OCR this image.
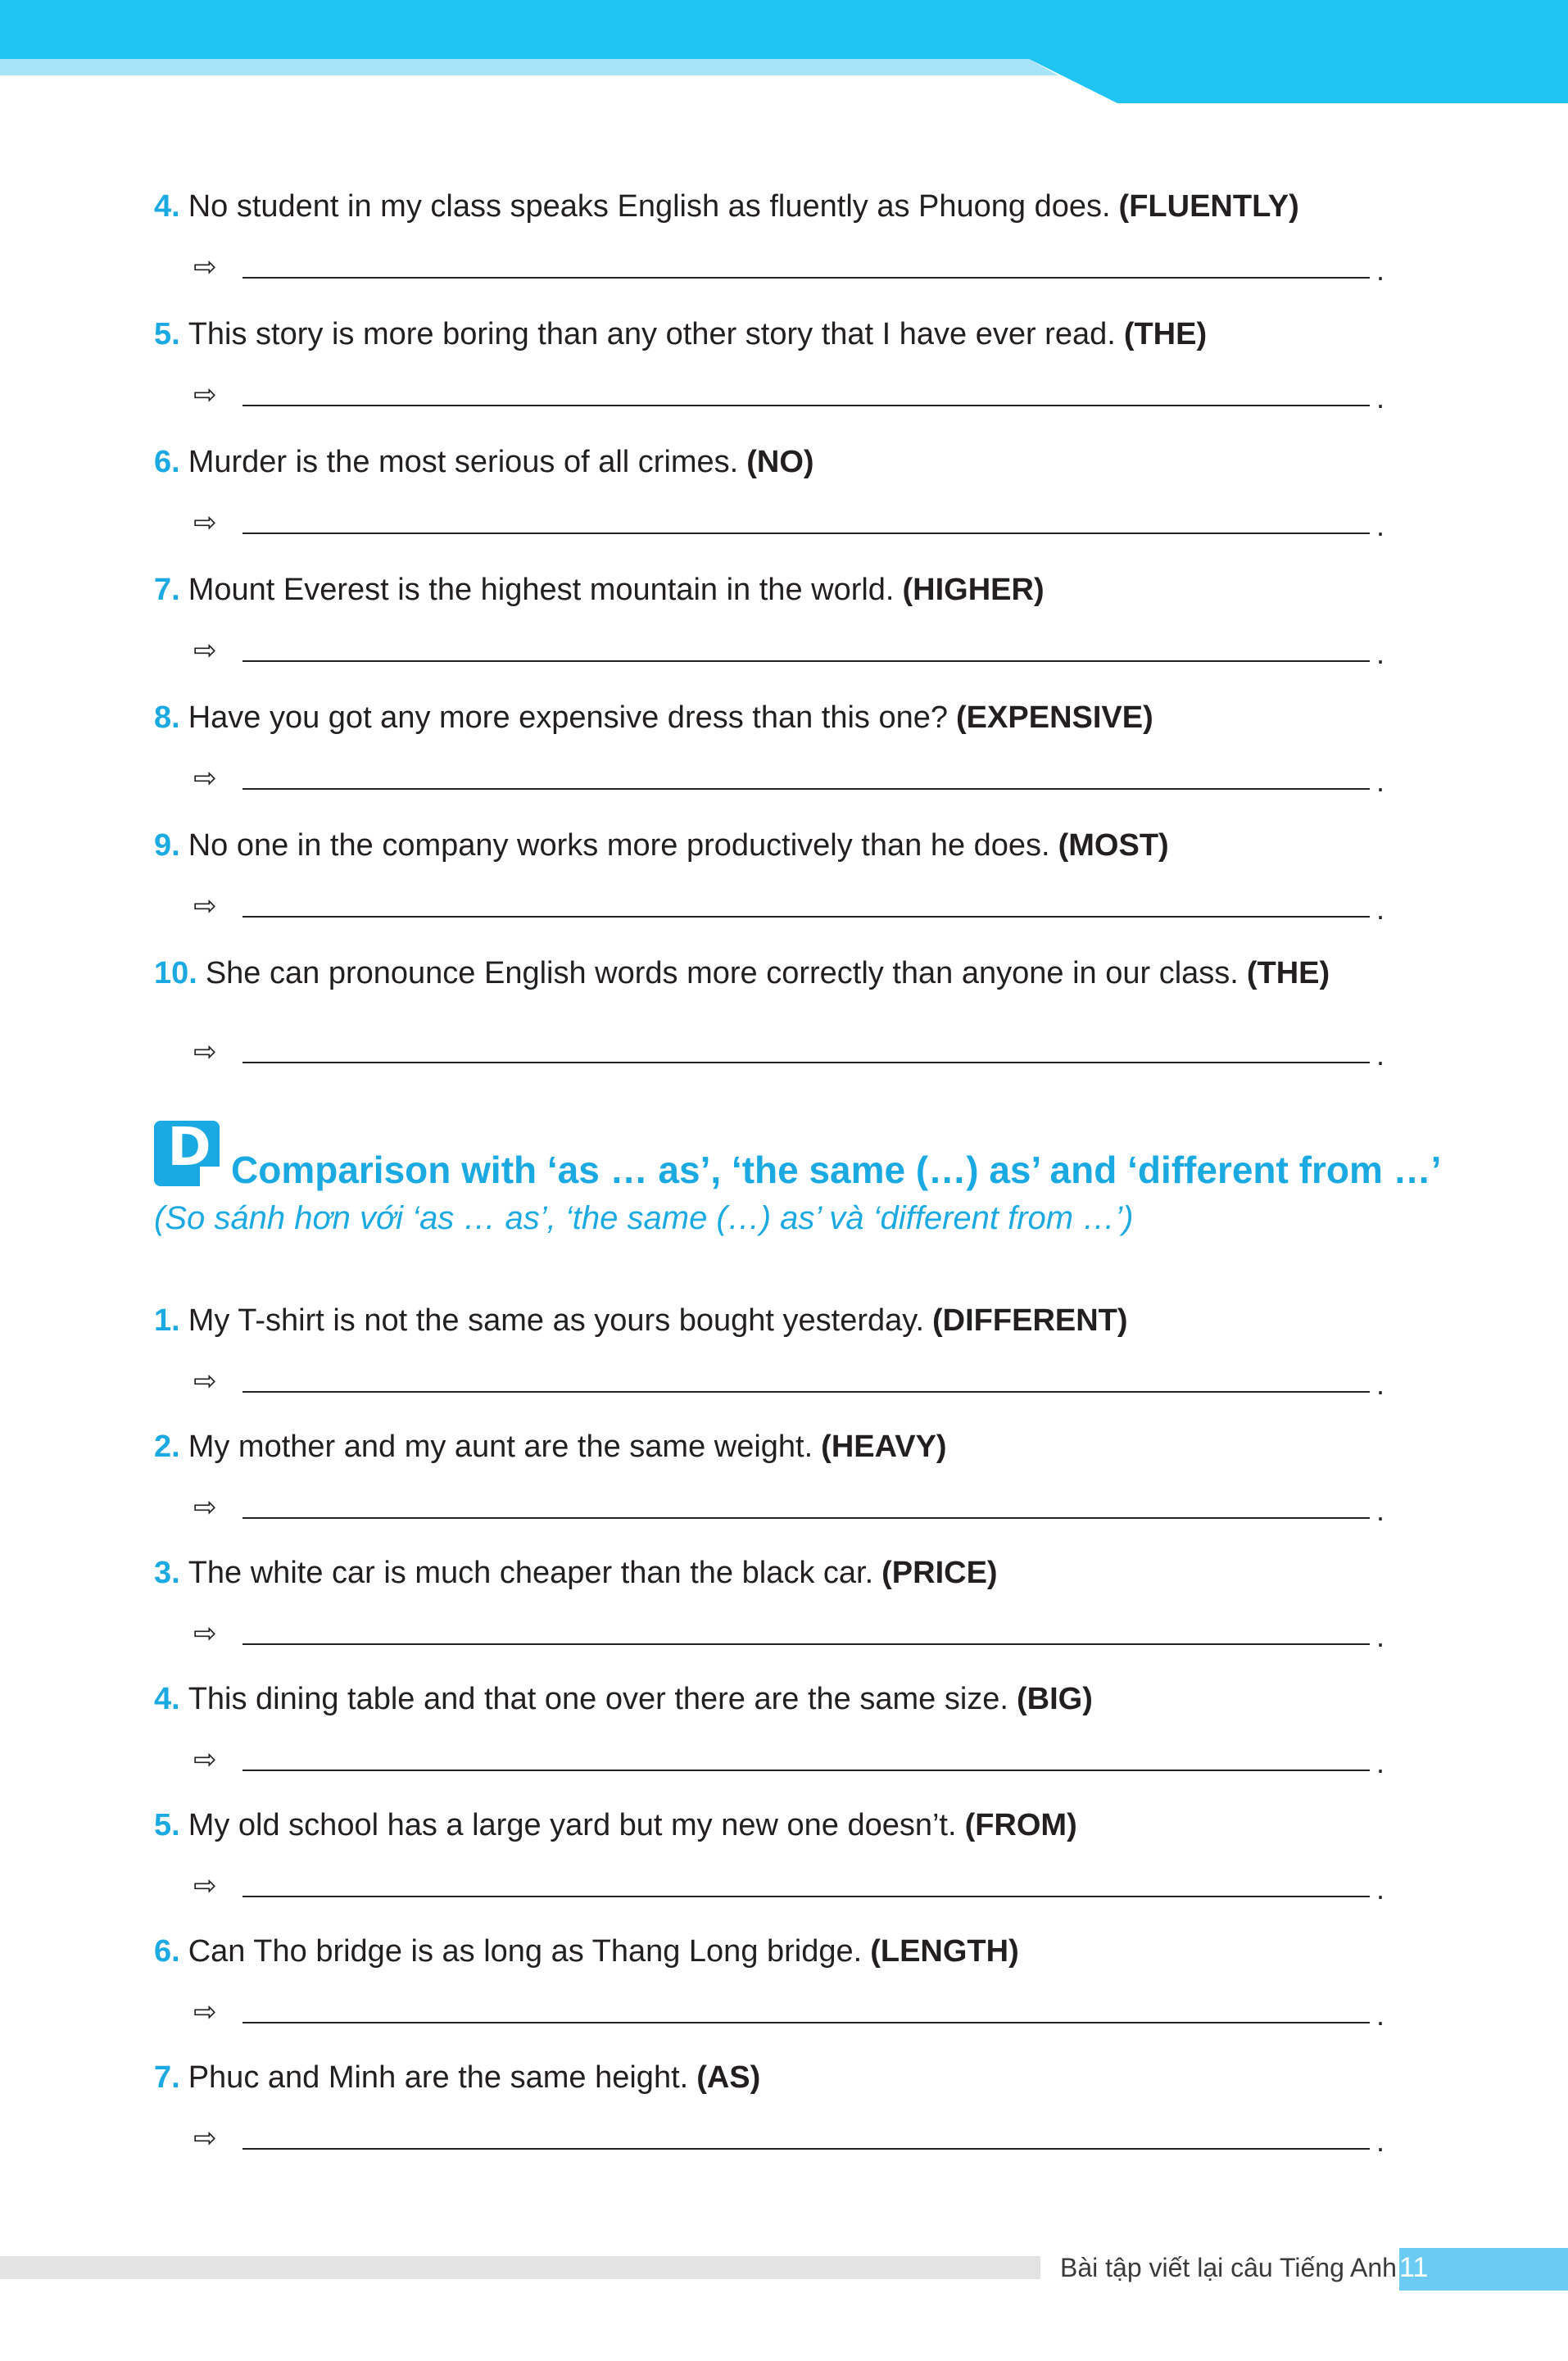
4. No student in my class speaks English as fluently as Phuong does. (FLUENTLY)
⇨	.
5. This story is more boring than any other story that I have ever read. (THE)
⇨	.
6. Murder is the most serious of all crimes. (NO)
⇨	.
7. Mount Everest is the highest mountain in the world. (HIGHER)
⇨	.
8. Have you got any more expensive dress than this one? (EXPENSIVE)
⇨	.
9. No one in the company works more productively than he does. (MOST)
⇨	.
10. She can pronounce English words more correctly than anyone in our class. (THE)
⇨	.
D Comparison with ‘as … as’, ‘the same (…) as’ and ‘different from …’
(So sánh hơn với ‘as … as’, ‘the same (…) as’ và ‘different from …’)
1. My T-shirt is not the same as yours bought yesterday. (DIFFERENT)
⇨	.
2. My mother and my aunt are the same weight. (HEAVY)
⇨	.
3. The white car is much cheaper than the black car. (PRICE)
⇨	.
4. This dining table and that one over there are the same size. (BIG)
⇨	.
5. My old school has a large yard but my new one doesn’t. (FROM)
⇨	.
6. Can Tho bridge is as long as Thang Long bridge. (LENGTH)
⇨	.
7. Phuc and Minh are the same height. (AS)
⇨	.
Bài tập viết lại câu Tiếng Anh 11
